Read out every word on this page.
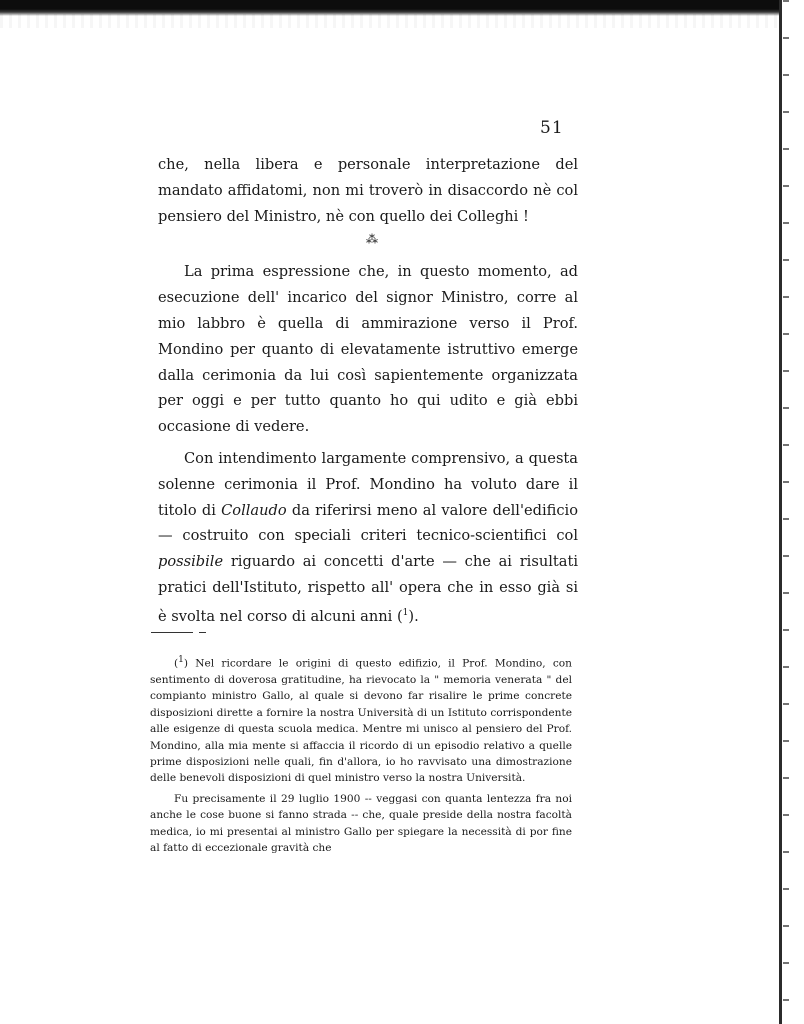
51

che, nella libera e personale interpretazione del mandato affidatomi, non mi troverò in disaccordo nè col pensiero del Ministro, nè con quello dei Colleghi !

⁂

La prima espressione che, in questo momento, ad esecuzione dell' incarico del signor Ministro, corre al mio labbro è quella di ammirazione verso il Prof. Mondino per quanto di elevatamente istruttivo emerge dalla cerimonia da lui così sapientemente organizzata per oggi e per tutto quanto ho qui udito e già ebbi occasione di vedere.

Con intendimento largamente comprensivo, a questa solenne cerimonia il Prof. Mondino ha voluto dare il titolo di Collaudo da riferirsi meno al valore dell'edificio — costruito con speciali criteri tecnico-scientifici col possibile riguardo ai concetti d'arte — che ai risultati pratici dell'Istituto, rispetto all' opera che in esso già si è svolta nel corso di alcuni anni ($^1$).

($^1$) Nel ricordare le origini di questo edifizio, il Prof. Mondino, con sentimento di doverosa gratitudine, ha rievocato la " memoria venerata " del compianto ministro Gallo, al quale si devono far risalire le prime concrete disposizioni dirette a fornire la nostra Università di un Istituto corrispondente alle esigenze di questa scuola medica. Mentre mi unisco al pensiero del Prof. Mondino, alla mia mente si affaccia il ricordo di un episodio relativo a quelle prime disposizioni nelle quali, fin d'allora, io ho ravvisato una dimostrazione delle benevoli disposizioni di quel ministro verso la nostra Università.

Fu precisamente il 29 luglio 1900 -- veggasi con quanta lentezza fra noi anche le cose buone si fanno strada -- che, quale preside della nostra facoltà medica, io mi presentai al ministro Gallo per spiegare la necessità di por fine al fatto di eccezionale gravità che
